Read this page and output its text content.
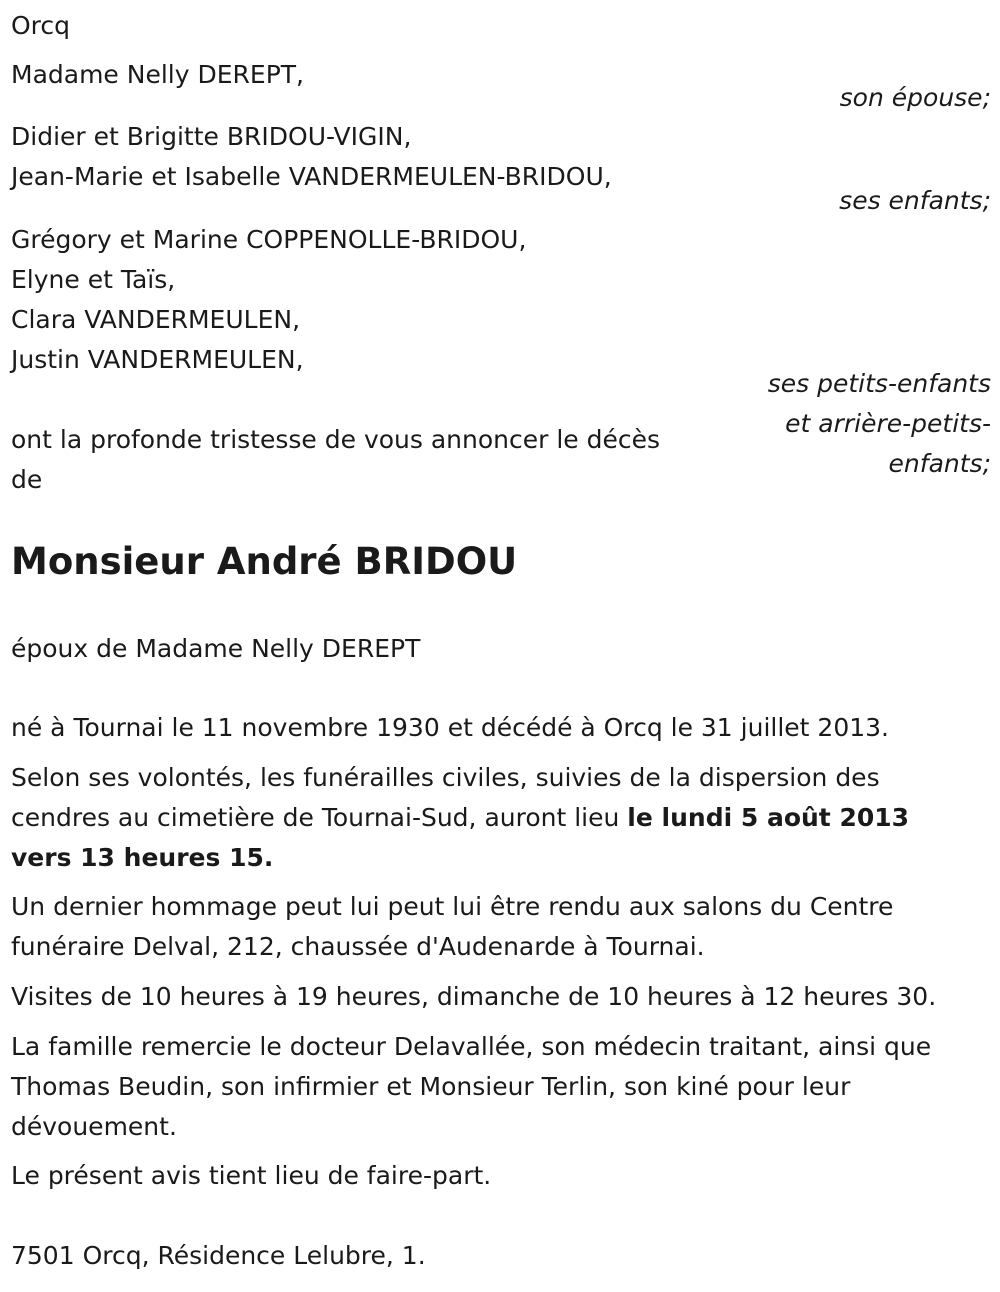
Orcq
Madame Nelly DEREPT,
son épouse;
Didier et Brigitte BRIDOU-VIGIN,
Jean-Marie et Isabelle VANDERMEULEN-BRIDOU,
ses enfants;
Grégory et Marine COPPENOLLE-BRIDOU,
Elyne et Taïs,
Clara VANDERMEULEN,
Justin VANDERMEULEN,
ses petits-enfants
et arrière-petits-
enfants;
ont la profonde tristesse de vous annoncer le décès
de
Monsieur André BRIDOU
époux de Madame Nelly DEREPT
né à Tournai le 11 novembre 1930 et décédé à Orcq le 31 juillet 2013.
Selon ses volontés, les funérailles civiles, suivies de la dispersion des
cendres au cimetière de Tournai-Sud, auront lieu le lundi 5 août 2013
vers 13 heures 15.
Un dernier hommage peut lui peut lui être rendu aux salons du Centre
funéraire Delval, 212, chaussée d'Audenarde à Tournai.
Visites de 10 heures à 19 heures, dimanche de 10 heures à 12 heures 30.
La famille remercie le docteur Delavallée, son médecin traitant, ainsi que
Thomas Beudin, son infirmier et Monsieur Terlin, son kiné pour leur
dévouement.
Le présent avis tient lieu de faire-part.
7501 Orcq, Résidence Lelubre, 1.
